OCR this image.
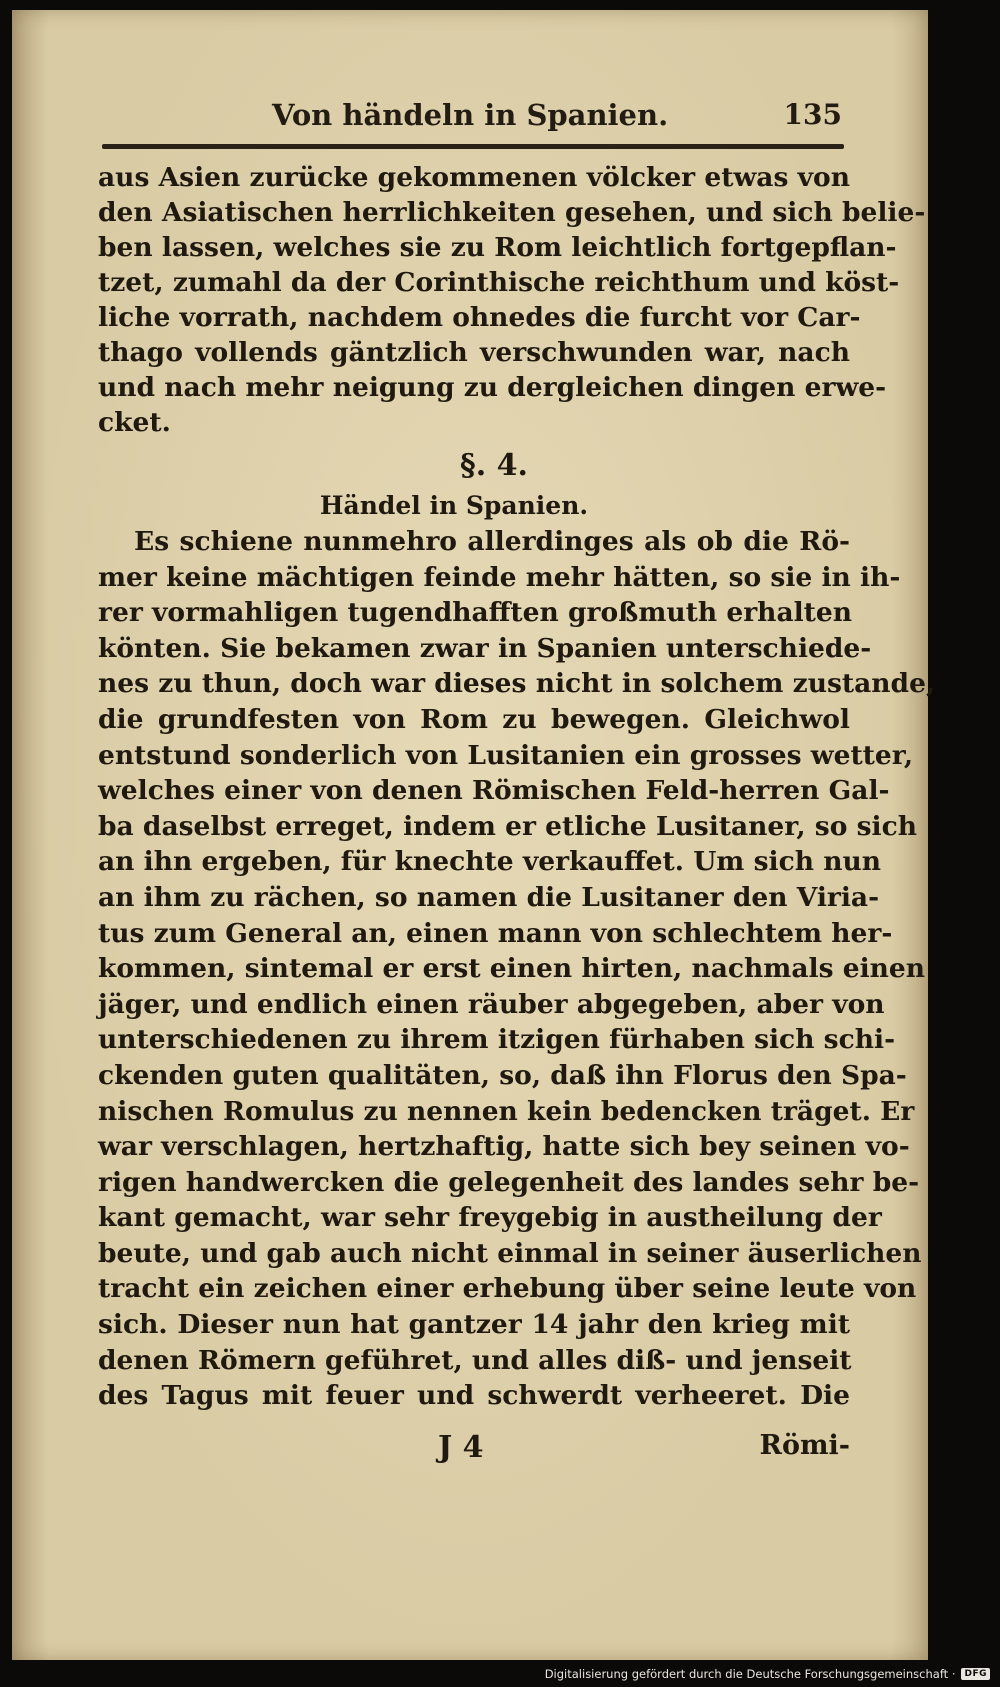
Von händeln in Spanien.	135
aus Asien zurücke gekommenen völcker etwas von
den Asiatischen herrlichkeiten gesehen, und sich belie-
ben lassen, welches sie zu Rom leichtlich fortgepflan-
tzet, zumahl da der Corinthische reichthum und köst-
liche vorrath, nachdem ohnedes die furcht vor Car-
thago vollends gäntzlich verschwunden war, nach
und nach mehr neigung zu dergleichen dingen erwe-
cket.
§. 4.
Händel in Spanien.
Es schiene nunmehro allerdinges als ob die Rö-
mer keine mächtigen feinde mehr hätten, so sie in ih-
rer vormahligen tugendhafften großmuth erhalten
könten. Sie bekamen zwar in Spanien unterschiede-
nes zu thun, doch war dieses nicht in solchem zustande,
die grundfesten von Rom zu bewegen. Gleichwol
entstund sonderlich von Lusitanien ein grosses wetter,
welches einer von denen Römischen Feld-herren Gal-
ba daselbst erreget, indem er etliche Lusitaner, so sich
an ihn ergeben, für knechte verkauffet. Um sich nun
an ihm zu rächen, so namen die Lusitaner den Viria-
tus zum General an, einen mann von schlechtem her-
kommen, sintemal er erst einen hirten, nachmals einen
jäger, und endlich einen räuber abgegeben, aber von
unterschiedenen zu ihrem itzigen fürhaben sich schi-
ckenden guten qualitäten, so, daß ihn Florus den Spa-
nischen Romulus zu nennen kein bedencken träget. Er
war verschlagen, hertzhaftig, hatte sich bey seinen vo-
rigen handwercken die gelegenheit des landes sehr be-
kant gemacht, war sehr freygebig in austheilung der
beute, und gab auch nicht einmal in seiner äuserlichen
tracht ein zeichen einer erhebung über seine leute von
sich. Dieser nun hat gantzer 14 jahr den krieg mit
denen Römern geführet, und alles diß- und jenseit
des Tagus mit feuer und schwerdt verheeret. Die
J 4	Römi-
Digitalisierung gefördert durch die Deutsche Forschungsgemeinschaft ·	DFG
